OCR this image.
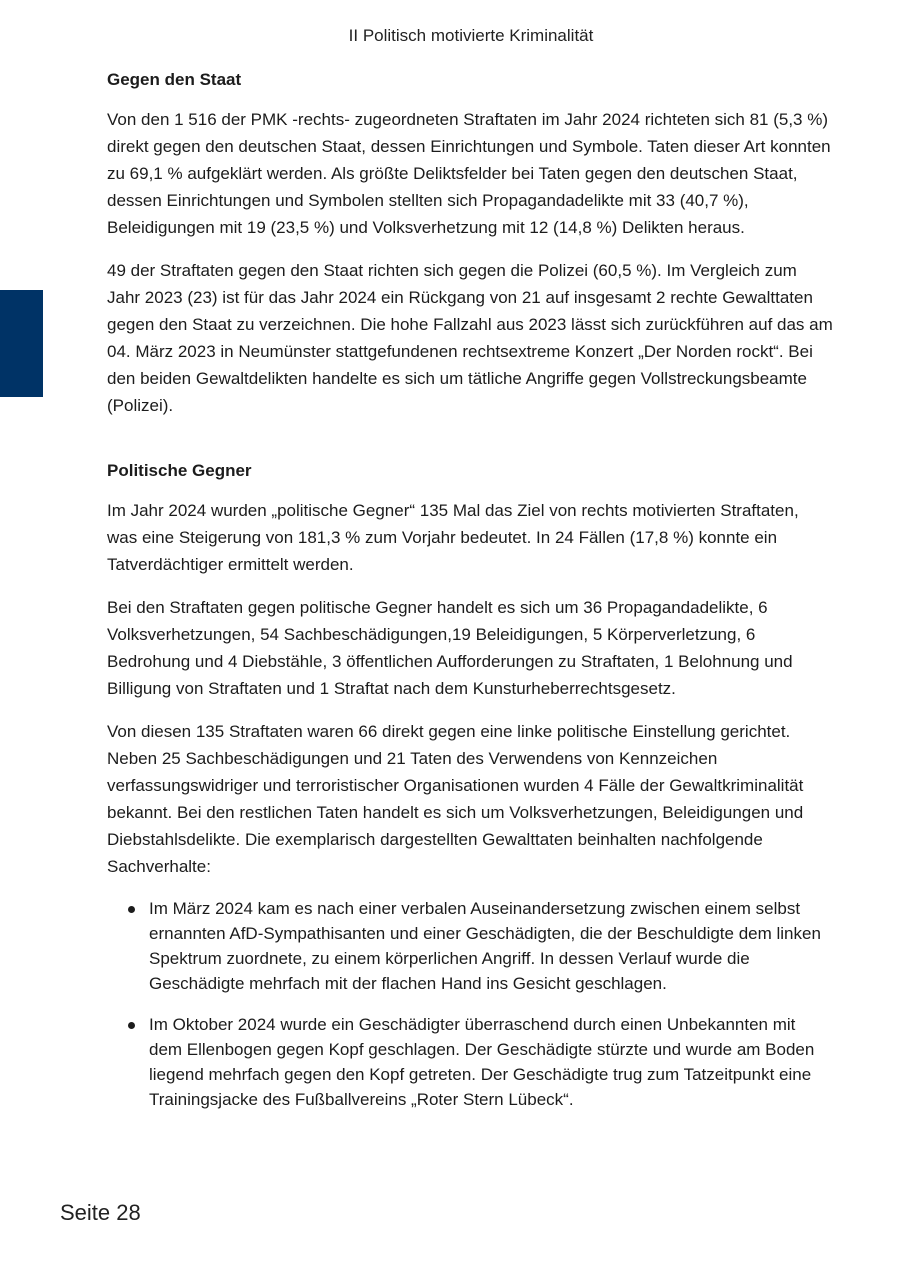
II Politisch motivierte Kriminalität
Gegen den Staat

Von den 1 516 der PMK -rechts- zugeordneten Straftaten im Jahr 2024 richteten sich 81 (5,3 %) direkt gegen den deutschen Staat, dessen Einrichtungen und Symbole. Taten dieser Art konnten zu 69,1 % aufgeklärt werden. Als größte Deliktsfelder bei Taten gegen den deutschen Staat, dessen Einrichtungen und Symbolen stellten sich Propagandadelikte mit 33 (40,7 %), Beleidigungen mit 19 (23,5 %) und Volksverhetzung mit 12 (14,8 %) Delikten heraus.

49 der Straftaten gegen den Staat richten sich gegen die Polizei (60,5 %). Im Vergleich zum Jahr 2023 (23) ist für das Jahr 2024 ein Rückgang von 21 auf insgesamt 2 rechte Gewalttaten gegen den Staat zu verzeichnen. Die hohe Fallzahl aus 2023 lässt sich zurückführen auf das am 04. März 2023 in Neumünster stattgefundenen rechtsextreme Konzert „Der Norden rockt“. Bei den beiden Gewaltdelikten handelte es sich um tätliche Angriffe gegen Vollstreckungsbeamte (Polizei).

Politische Gegner

Im Jahr 2024 wurden „politische Gegner“ 135 Mal das Ziel von rechts motivierten Straftaten, was eine Steigerung von 181,3 % zum Vorjahr bedeutet. In 24 Fällen (17,8 %) konnte ein Tatverdächtiger ermittelt werden.

Bei den Straftaten gegen politische Gegner handelt es sich um 36 Propagandadelikte, 6 Volksverhetzungen, 54 Sachbeschädigungen,19 Beleidigungen, 5 Körperverletzung, 6 Bedrohung und 4 Diebstähle, 3 öffentlichen Aufforderungen zu Straftaten, 1 Belohnung und Billigung von Straftaten und 1 Straftat nach dem Kunsturheberrechtsgesetz.

Von diesen 135 Straftaten waren 66 direkt gegen eine linke politische Einstellung gerichtet. Neben 25 Sachbeschädigungen und 21 Taten des Verwendens von Kennzeichen verfassungswidriger und terroristischer Organisationen wurden 4 Fälle der Gewaltkriminalität bekannt. Bei den restlichen Taten handelt es sich um Volksverhetzungen, Beleidigungen und Diebstahlsdelikte. Die exemplarisch dargestellten Gewalttaten beinhalten nachfolgende Sachverhalte:

Im März 2024 kam es nach einer verbalen Auseinandersetzung zwischen einem selbst ernannten AfD-Sympathisanten und einer Geschädigten, die der Beschuldigte dem linken Spektrum zuordnete, zu einem körperlichen Angriff. In dessen Verlauf wurde die Geschädigte mehrfach mit der flachen Hand ins Gesicht geschlagen.
Im Oktober 2024 wurde ein Geschädigter überraschend durch einen Unbekannten mit dem Ellenbogen gegen Kopf geschlagen. Der Geschädigte stürzte und wurde am Boden liegend mehrfach gegen den Kopf getreten. Der Geschädigte trug zum Tatzeitpunkt eine Trainingsjacke des Fußballvereins „Roter Stern Lübeck“.
Seite 28
